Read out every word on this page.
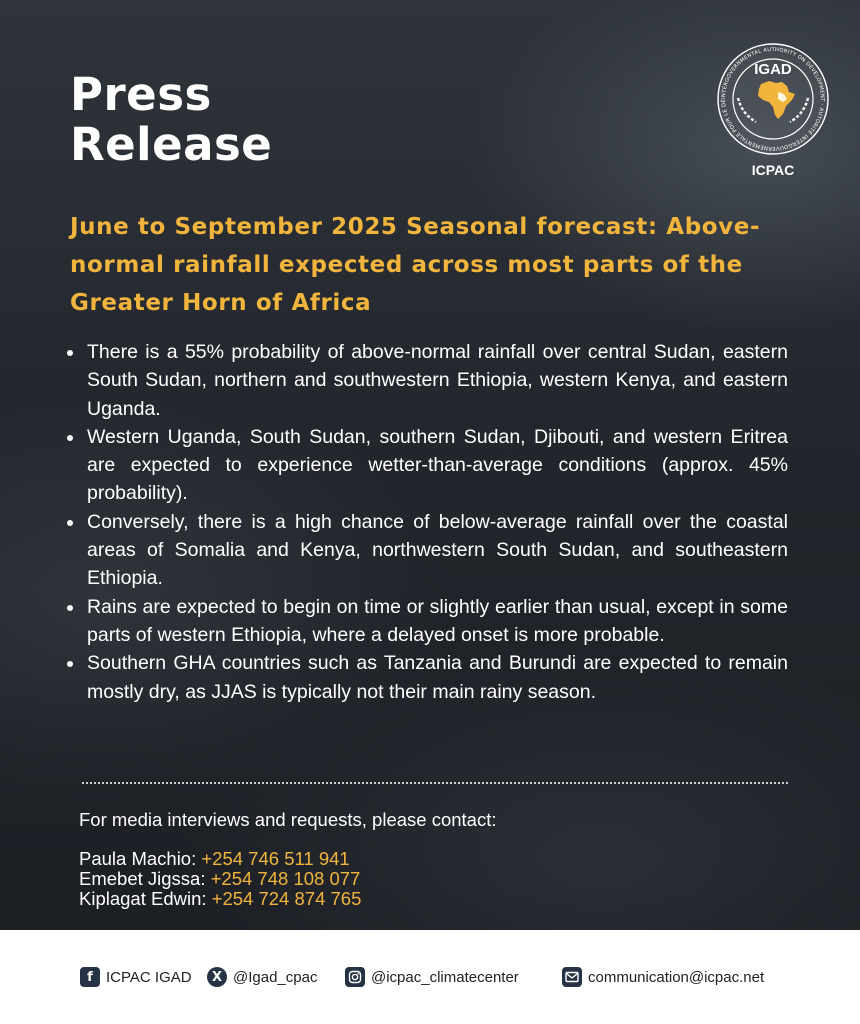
Press
Release
INTERGOVERNMENTAL AUTHORITY ON DEVELOPMENT · AUTORITÉ INTERGOUVERNEMENTALE POUR LE DÉ
IGAD
ICPAC
June to September 2025 Seasonal forecast: Above-normal rainfall expected across most parts of the Greater Horn of Africa
There is a 55% probability of above-normal rainfall over central Sudan, eastern South Sudan, northern and southwestern Ethiopia, western Kenya, and eastern Uganda.
Western Uganda, South Sudan, southern Sudan, Djibouti, and western Eritrea are expected to experience wetter-than-average conditions (approx. 45% probability).
Conversely, there is a high chance of below-average rainfall over the coastal areas of Somalia and Kenya, northwestern South Sudan, and southeastern Ethiopia.
Rains are expected to begin on time or slightly earlier than usual, except in some parts of western Ethiopia, where a delayed onset is more probable.
Southern GHA countries such as Tanzania and Burundi are expected to remain mostly dry, as JJAS is typically not their main rainy season.

For media interviews and requests, please contact:

Paula Machio: +254 746 511 941
Emebet Jigssa: +254 748 108 077
Kiplagat Edwin: +254 724 874 765
f ICPAC IGAD	X @Igad_cpac	@icpac_climatecenter	communication@icpac.net
